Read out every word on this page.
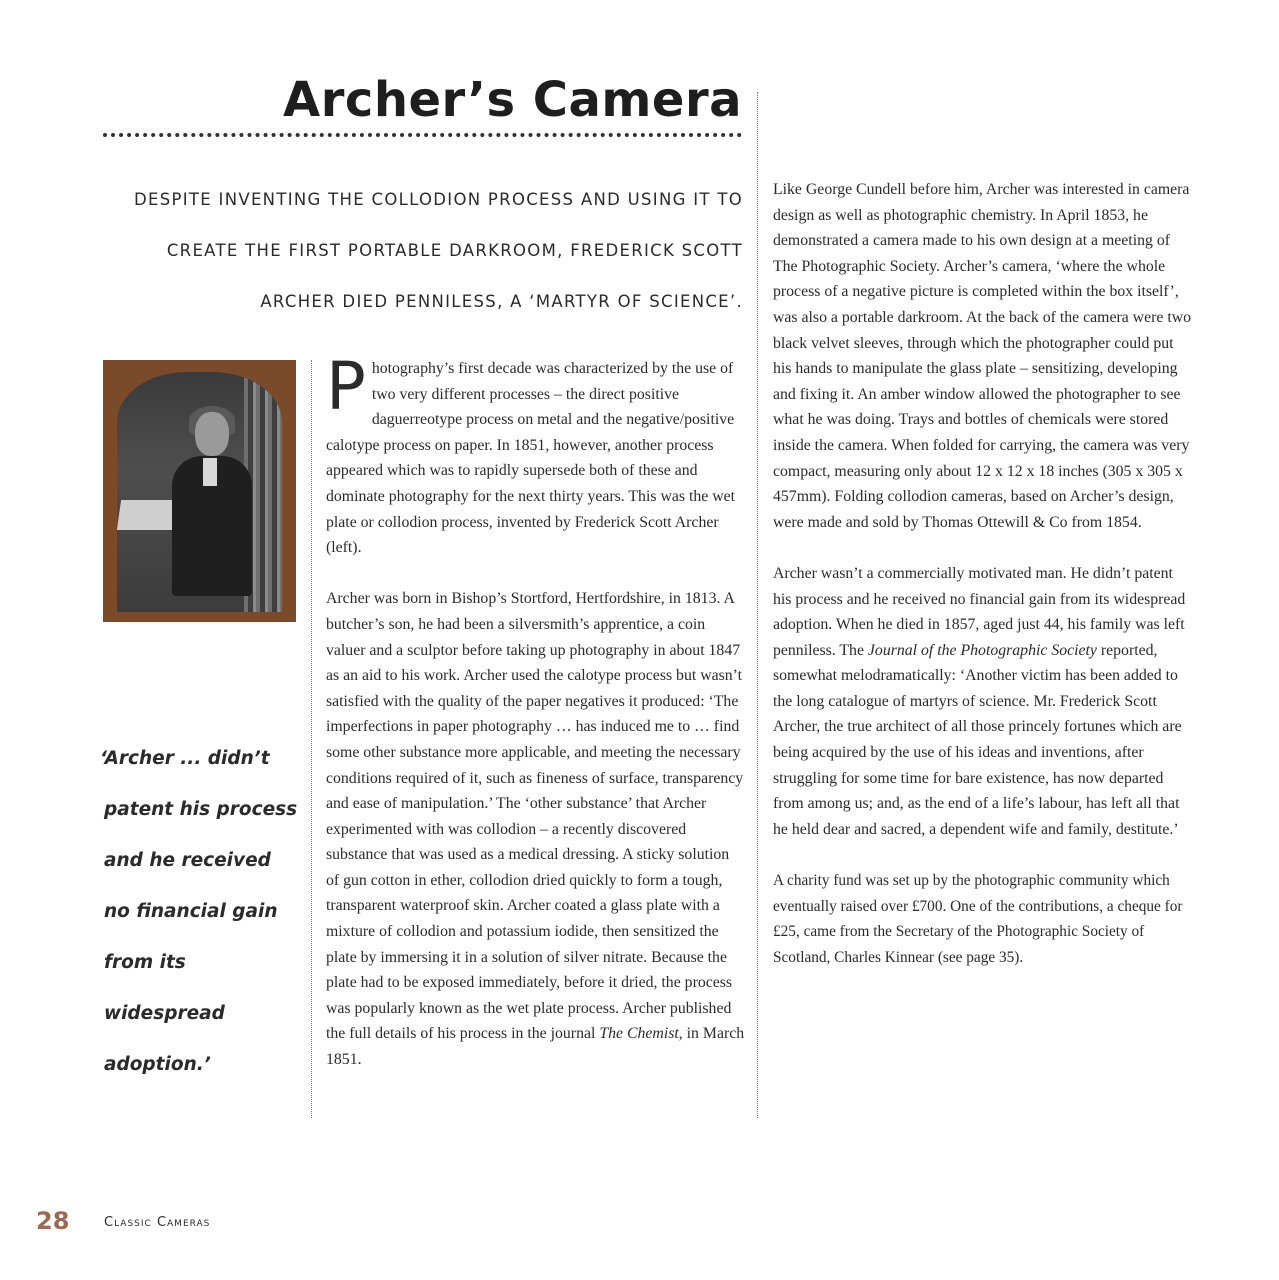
Archer’s Camera

DESPITE INVENTING THE COLLODION PROCESS AND USING IT TO CREATE THE FIRST PORTABLE DARKROOM, FREDERICK SCOTT ARCHER DIED PENNILESS, A ‘MARTYR OF SCIENCE’.

‘Archer ... didn’t
patent his process
and he received
no financial gain
from its widespread
adoption.’

Photography’s first decade was characterized by the use of two very different processes – the direct positive daguerreotype process on metal and the negative/positive calotype process on paper. In 1851, however, another process appeared which was to rapidly supersede both of these and dominate photography for the next thirty years. This was the wet plate or collodion process, invented by Frederick Scott Archer (left).

Archer was born in Bishop’s Stortford, Hertfordshire, in 1813. A butcher’s son, he had been a silversmith’s apprentice, a coin valuer and a sculptor before taking up photography in about 1847 as an aid to his work. Archer used the calotype process but wasn’t satisfied with the quality of the paper negatives it produced: ‘The imperfections in paper photography … has induced me to … find some other substance more applicable, and meeting the necessary conditions required of it, such as fineness of surface, transparency and ease of manipulation.’ The ‘other substance’ that Archer experimented with was collodion – a recently discovered substance that was used as a medical dressing. A sticky solution of gun cotton in ether, collodion dried quickly to form a tough, transparent waterproof skin. Archer coated a glass plate with a mixture of collodion and potassium iodide, then sensitized the plate by immersing it in a solution of silver nitrate. Because the plate had to be exposed immediately, before it dried, the process was popularly known as the wet plate process. Archer published the full details of his process in the journal The Chemist, in March 1851.

Like George Cundell before him, Archer was interested in camera design as well as photographic chemistry. In April 1853, he demonstrated a camera made to his own design at a meeting of The Photographic Society. Archer’s camera, ‘where the whole process of a negative picture is completed within the box itself’, was also a portable darkroom. At the back of the camera were two black velvet sleeves, through which the photographer could put his hands to manipulate the glass plate – sensitizing, developing and fixing it. An amber window allowed the photographer to see what he was doing. Trays and bottles of chemicals were stored inside the camera. When folded for carrying, the camera was very compact, measuring only about 12 x 12 x 18 inches (305 x 305 x 457mm). Folding collodion cameras, based on Archer’s design, were made and sold by Thomas Ottewill & Co from 1854.

Archer wasn’t a commercially motivated man. He didn’t patent his process and he received no financial gain from its widespread adoption. When he died in 1857, aged just 44, his family was left penniless. The Journal of the Photographic Society reported, somewhat melodramatically: ‘Another victim has been added to the long catalogue of martyrs of science. Mr. Frederick Scott Archer, the true architect of all those princely fortunes which are being acquired by the use of his ideas and inventions, after struggling for some time for bare existence, has now departed from among us; and, as the end of a life’s labour, has left all that he held dear and sacred, a dependent wife and family, destitute.’

A charity fund was set up by the photographic community which eventually raised over £700. One of the contributions, a cheque for £25, came from the Secretary of the Photographic Society of Scotland, Charles Kinnear (see page 35).

28	Classic Cameras
